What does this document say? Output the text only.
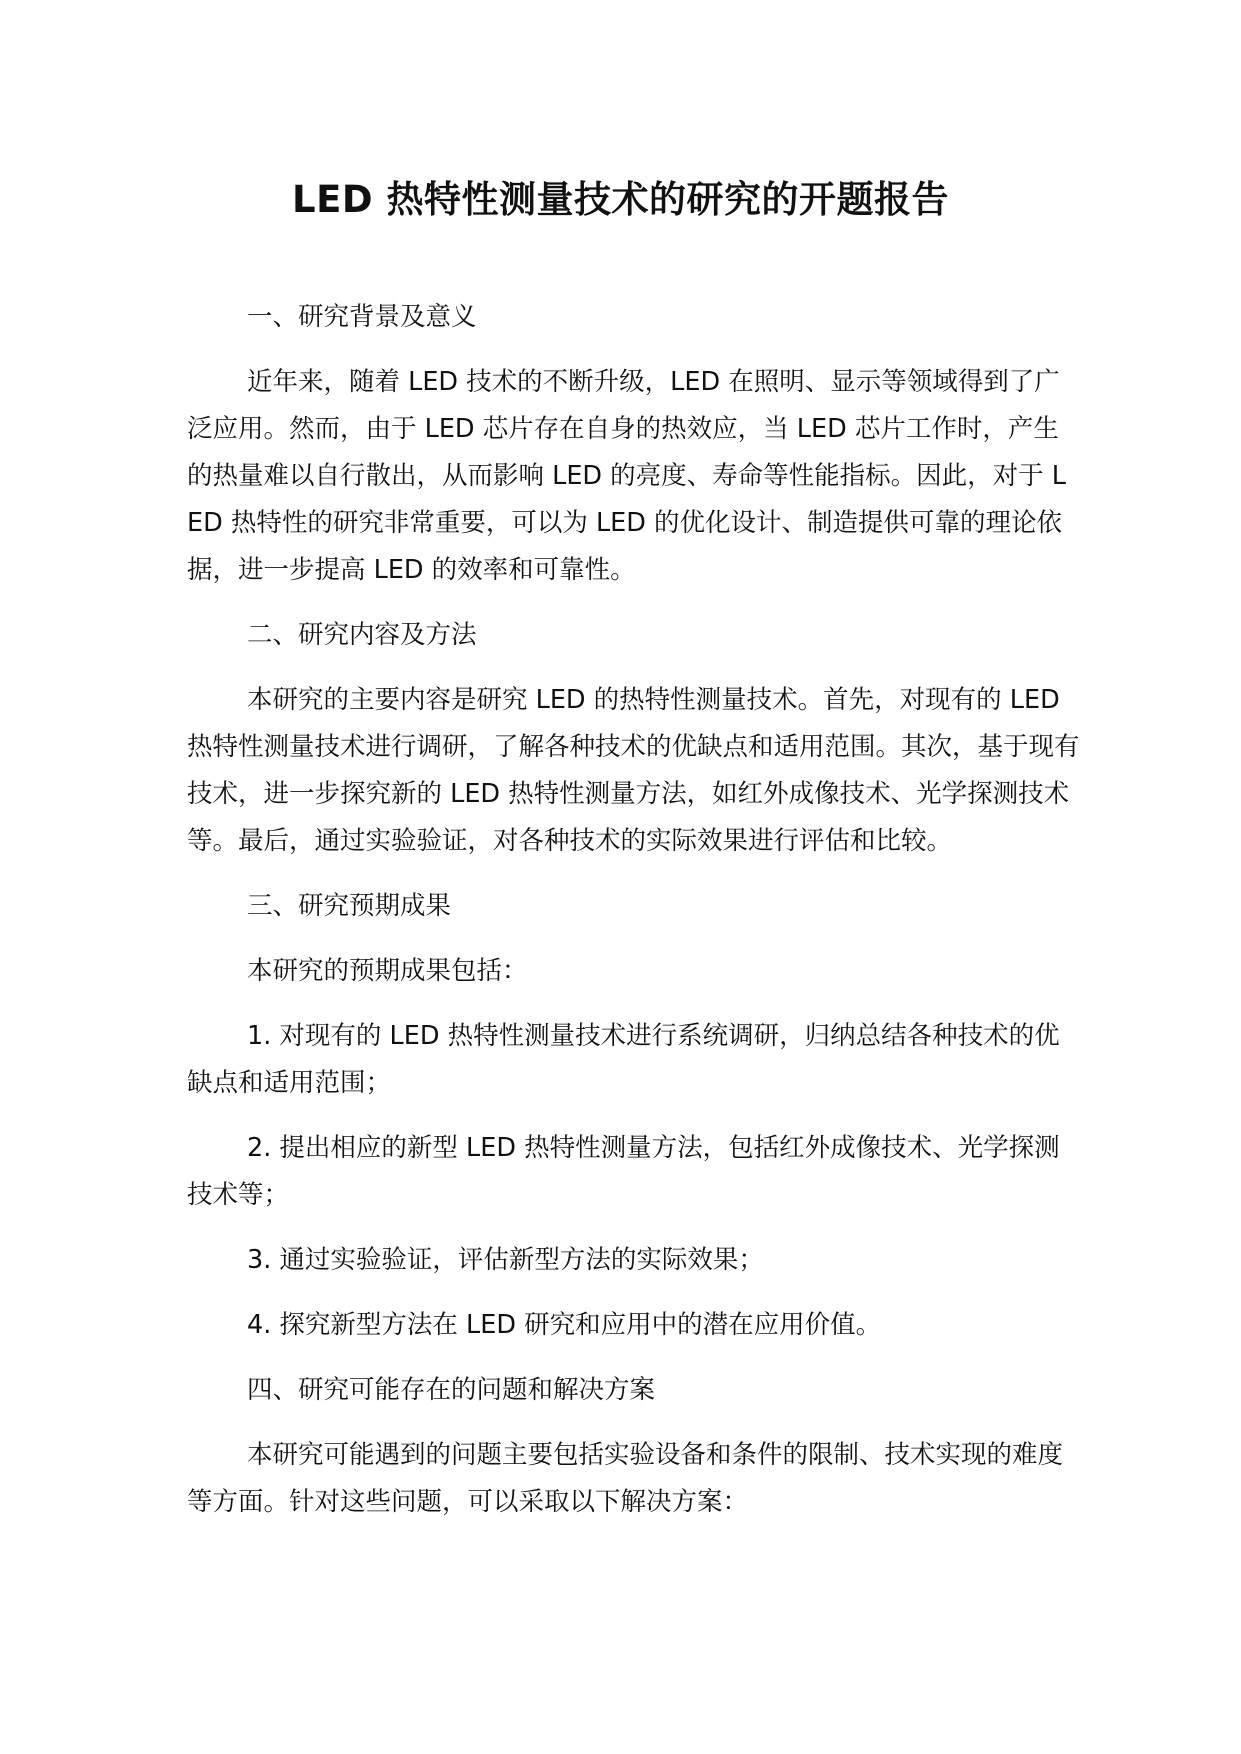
LED 热特性测量技术的研究的开题报告
一、研究背景及意义
近年来，随着 LED 技术的不断升级，LED 在照明、显示等领域得到了广泛应用。然而，由于 LED 芯片存在自身的热效应，当 LED 芯片工作时，产生的热量难以自行散出，从而影响 LED 的亮度、寿命等性能指标。因此，对于 LED 热特性的研究非常重要，可以为 LED 的优化设计、制造提供可靠的理论依据，进一步提高 LED 的效率和可靠性。
二、研究内容及方法
本研究的主要内容是研究 LED 的热特性测量技术。首先，对现有的 LED 热特性测量技术进行调研，了解各种技术的优缺点和适用范围。其次，基于现有技术，进一步探究新的 LED 热特性测量方法，如红外成像技术、光学探测技术等。最后，通过实验验证，对各种技术的实际效果进行评估和比较。
三、研究预期成果
本研究的预期成果包括：
1. 对现有的 LED 热特性测量技术进行系统调研，归纳总结各种技术的优缺点和适用范围；
2. 提出相应的新型 LED 热特性测量方法，包括红外成像技术、光学探测技术等；
3. 通过实验验证，评估新型方法的实际效果；
4. 探究新型方法在 LED 研究和应用中的潜在应用价值。
四、研究可能存在的问题和解决方案
本研究可能遇到的问题主要包括实验设备和条件的限制、技术实现的难度等方面。针对这些问题，可以采取以下解决方案：
